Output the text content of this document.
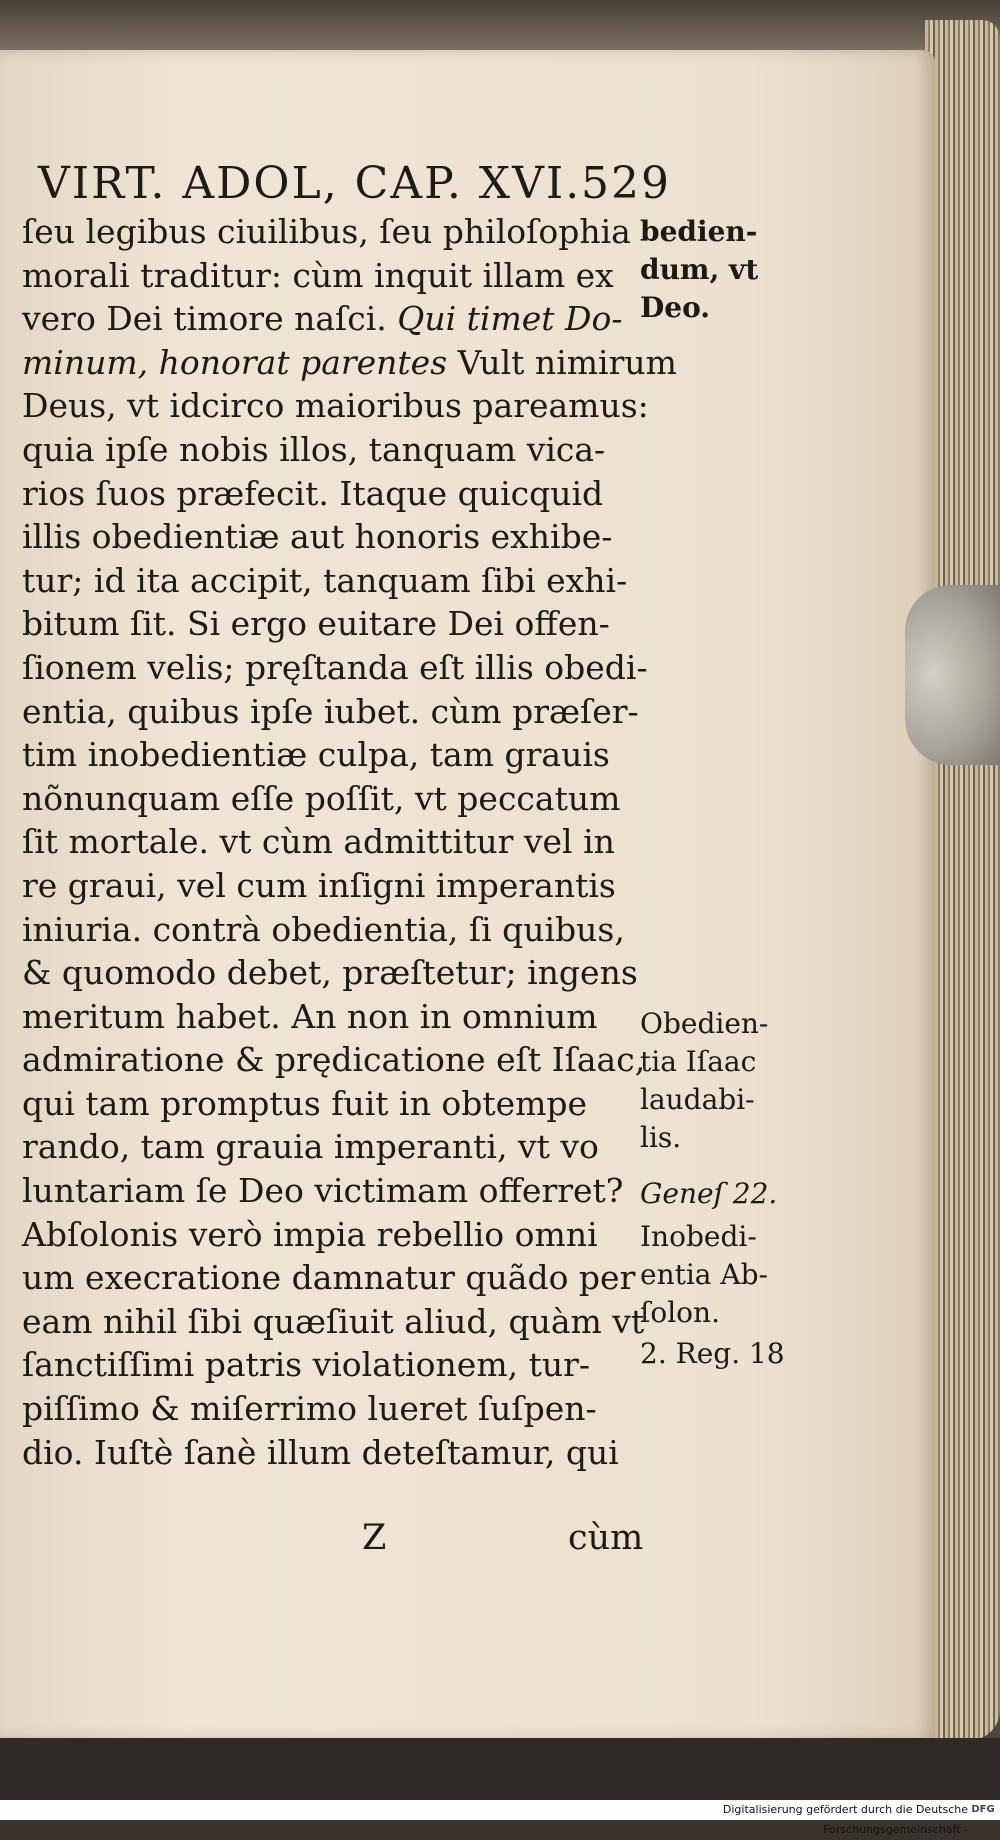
VIRT. ADOL, CAP. XVI. 529
ſeu legibus ciuilibus, ſeu philoſophia
morali traditur: cùm inquit illam ex
vero Dei timore naſci. Qui timet Do-
minum, honorat parentes Vult nimirum
Deus, vt idcirco maioribus pareamus:
quia ipſe nobis illos, tanquam vica-
rios ſuos præfecit. Itaque quicquid
illis obedientiæ aut honoris exhibe-
tur; id ita accipit, tanquam ſibi exhi-
bitum ſit. Si ergo euitare Dei offen-
ſionem velis; pręſtanda eſt illis obedi-
entia, quibus ipſe iubet. cùm præſer-
tim inobedientiæ culpa, tam grauis
nõnunquam eſſe poſſit, vt peccatum
ſit mortale. vt cùm admittitur vel in
re graui, vel cum inſigni imperantis
iniuria. contrà obedientia, ſi quibus,
& quomodo debet, præſtetur; ingens
meritum habet. An non in omnium
admiratione & prędicatione eſt Iſaac,
qui tam promptus fuit in obtempe
rando, tam grauia imperanti, vt vo
luntariam ſe Deo victimam offerret?
Abſolonis verò impia rebellio omni
um execratione damnatur quãdo per
eam nihil ſibi quæſiuit aliud, quàm vt
ſanctiſſimi patris violationem, tur-
piſſimo & miſerrimo lueret ſuſpen-
dio. Iuſtè ſanè illum deteſtamur, qui
bedien-
dum, vt
Deo.
Obedien-
tia Iſaac
laudabi-
lis.
Geneſ 22.
Inobedi-
entia Ab-
ſolon.
2. Reg. 18
Z	cùm
Digitalisierung gefördert durch die Deutsche Forschungsgemeinschaft -
DFG
